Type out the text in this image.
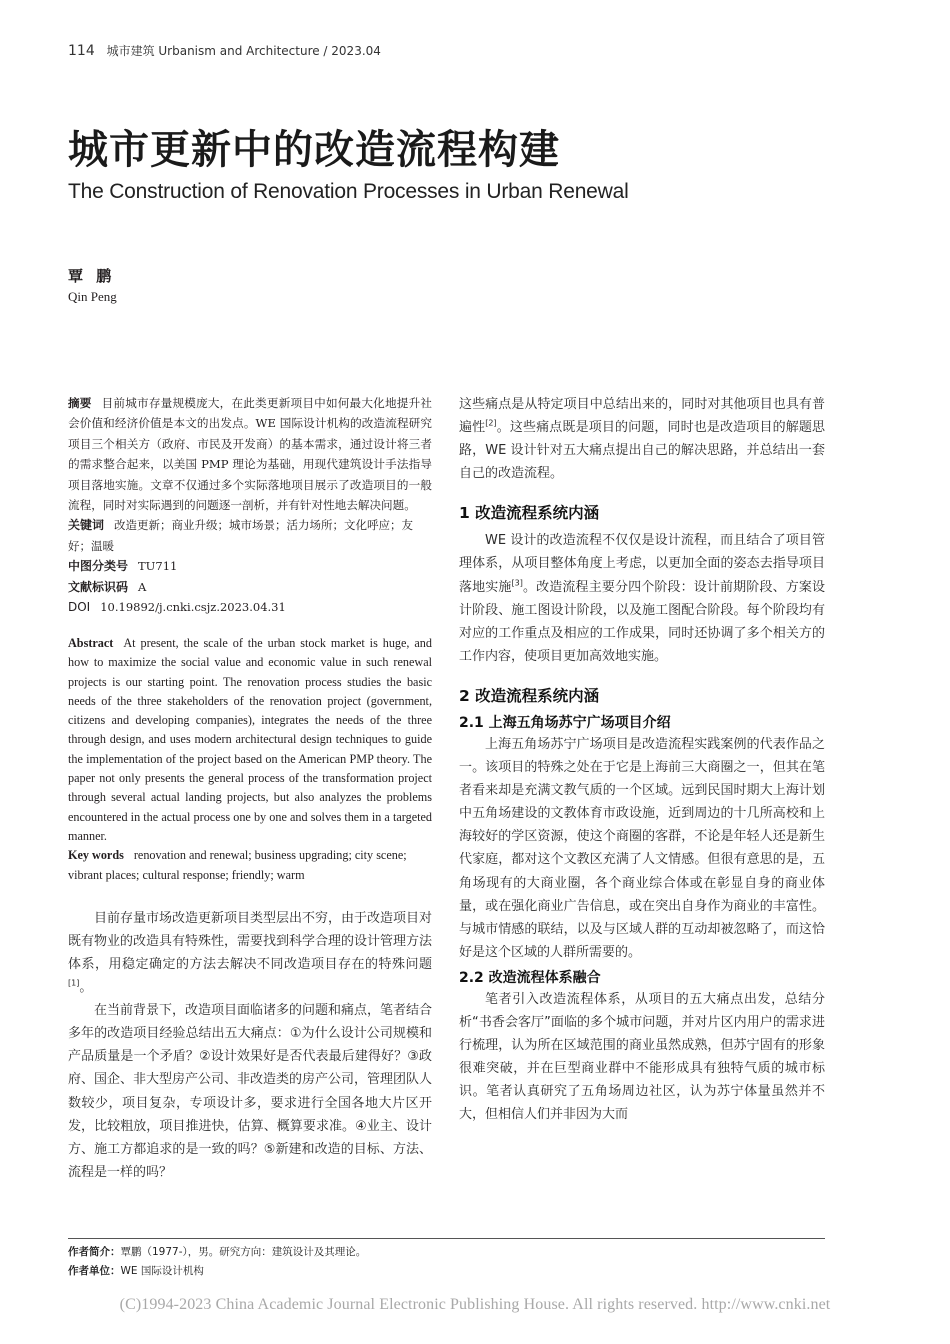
114 城市建筑 Urbanism and Architecture / 2023.04
城市更新中的改造流程构建
The Construction of Renovation Processes in Urban Renewal
覃 鹏
Qin Peng

摘要 目前城市存量规模庞大，在此类更新项目中如何最大化地提升社会价值和经济价值是本文的出发点。WE 国际设计机构的改造流程研究项目三个相关方（政府、市民及开发商）的基本需求，通过设计将三者的需求整合起来，以美国 PMP 理论为基础，用现代建筑设计手法指导项目落地实施。文章不仅通过多个实际落地项目展示了改造项目的一般流程，同时对实际遇到的问题逐一剖析，并有针对性地去解决问题。

关键词 改造更新；商业升级；城市场景；活力场所；文化呼应；友好；温暖

中图分类号 TU711

文献标识码 A

DOI 10.19892/j.cnki.csjz.2023.04.31

Abstract At present, the scale of the urban stock market is huge, and how to maximize the social value and economic value in such renewal projects is our starting point. The renovation process studies the basic needs of the three stakeholders of the renovation project (government, citizens and developing companies), integrates the needs of the three through design, and uses modern architectural design techniques to guide the implementation of the project based on the American PMP theory. The paper not only presents the general process of the transformation project through several actual landing projects, but also analyzes the problems encountered in the actual process one by one and solves them in a targeted manner.

Key words renovation and renewal; business upgrading; city scene; vibrant places; cultural response; friendly; warm

目前存量市场改造更新项目类型层出不穷，由于改造项目对既有物业的改造具有特殊性，需要找到科学合理的设计管理方法体系，用稳定确定的方法去解决不同改造项目存在的特殊问题[1]。

在当前背景下，改造项目面临诸多的问题和痛点，笔者结合多年的改造项目经验总结出五大痛点：①为什么设计公司规模和产品质量是一个矛盾？②设计效果好是否代表最后建得好？③政府、国企、非大型房产公司、非改造类的房产公司，管理团队人数较少，项目复杂，专项设计多，要求进行全国各地大片区开发，比较粗放，项目推进快，估算、概算要求准。④业主、设计方、施工方都追求的是一致的吗？⑤新建和改造的目标、方法、流程是一样的吗？

这些痛点是从特定项目中总结出来的，同时对其他项目也具有普遍性[2]。这些痛点既是项目的问题，同时也是改造项目的解题思路，WE 设计针对五大痛点提出自己的解决思路，并总结出一套自己的改造流程。

1 改造流程系统内涵

WE 设计的改造流程不仅仅是设计流程，而且结合了项目管理体系，从项目整体角度上考虑，以更加全面的姿态去指导项目落地实施[3]。改造流程主要分四个阶段：设计前期阶段、方案设计阶段、施工图设计阶段，以及施工图配合阶段。每个阶段均有对应的工作重点及相应的工作成果，同时还协调了多个相关方的工作内容，使项目更加高效地实施。

2 改造流程系统内涵
2.1 上海五角场苏宁广场项目介绍

上海五角场苏宁广场项目是改造流程实践案例的代表作品之一。该项目的特殊之处在于它是上海前三大商圈之一，但其在笔者看来却是充满文教气质的一个区域。远到民国时期大上海计划中五角场建设的文教体育市政设施，近到周边的十几所高校和上海较好的学区资源，使这个商圈的客群，不论是年轻人还是新生代家庭，都对这个文教区充满了人文情感。但很有意思的是，五角场现有的大商业圈，各个商业综合体或在彰显自身的商业体量，或在强化商业广告信息，或在突出自身作为商业的丰富性。与城市情感的联结，以及与区域人群的互动却被忽略了，而这恰好是这个区域的人群所需要的。

2.2 改造流程体系融合

笔者引入改造流程体系，从项目的五大痛点出发，总结分析“书香会客厅”面临的多个城市问题，并对片区内用户的需求进行梳理，认为所在区域范围的商业虽然成熟，但苏宁固有的形象很难突破，并在巨型商业群中不能形成具有独特气质的城市标识。笔者认真研究了五角场周边社区，认为苏宁体量虽然并不大，但相信人们并非因为大而

作者简介：覃鹏（1977-），男。研究方向：建筑设计及其理论。
作者单位：WE 国际设计机构
(C)1994-2023 China Academic Journal Electronic Publishing House. All rights reserved. http://www.cnki.net
